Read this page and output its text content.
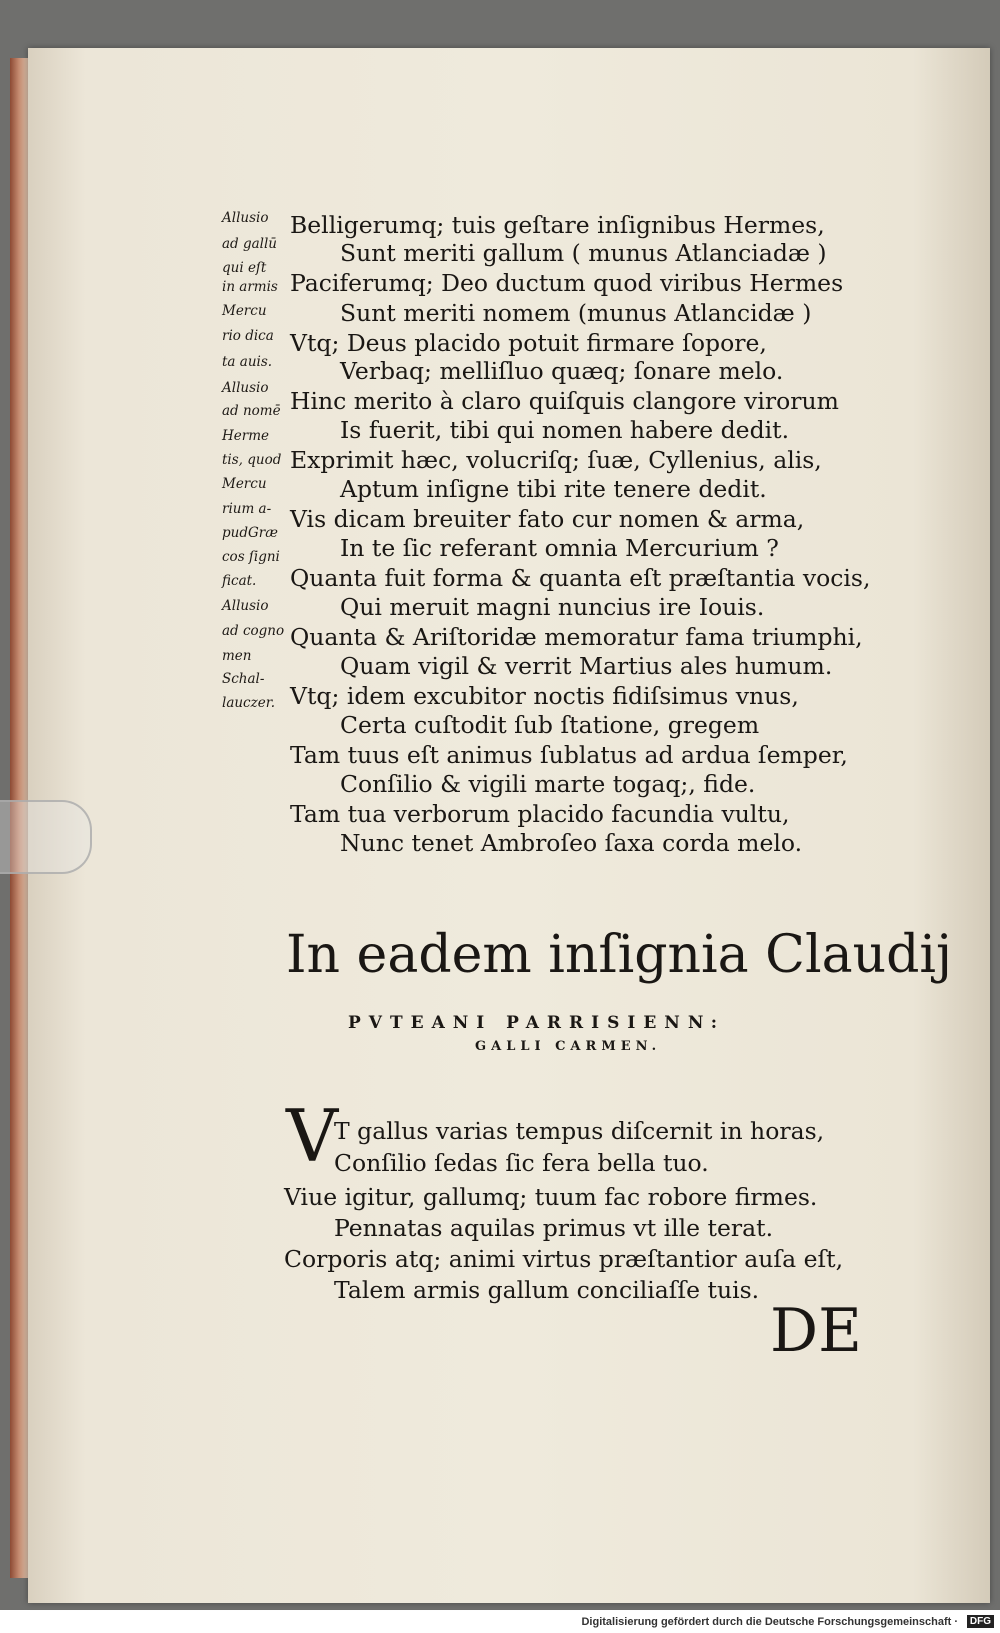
Allusio
ad gallū
qui eſt
in armis
Mercu
rio dica
ta auis.
Allusio
ad nomē
Herme
tis, quod
Mercu
rium a-
pudGræ
cos ſigni
ficat.
Allusio
ad cogno
men
Schal-
lauczer.
Belligerumq; tuis geſtare inſignibus Hermes,
Sunt meriti gallum ( munus Atlanciadæ )
Paciferumq; Deo ductum quod viribus Hermes
Sunt meriti nomem (munus Atlancidæ )
Vtq; Deus placido potuit firmare ſopore,
Verbaq; melliſluo quæq; ſonare melo.
Hinc merito à claro quiſquis clangore virorum
Is fuerit, tibi qui nomen habere dedit.
Exprimit hæc, volucriſq; ſuæ, Cyllenius, alis,
Aptum inſigne tibi rite tenere dedit.
Vis dicam breuiter fato cur nomen & arma,
In te ſic referant omnia Mercurium ?
Quanta fuit forma & quanta eſt præſtantia vocis,
Qui meruit magni nuncius ire Iouis.
Quanta & Ariſtoridæ memoratur fama triumphi,
Quam vigil & verrit Martius ales humum.
Vtq; idem excubitor noctis fidiſsimus vnus,
Certa cuſtodit ſub ſtatione, gregem
Tam tuus eſt animus ſublatus ad ardua ſemper,
Conſilio & vigili marte togaq;, fide.
Tam tua verborum placido facundia vultu,
Nunc tenet Ambroſeo ſaxa corda melo.
In eadem inſignia Claudij
PVTEANI PARRISIENN:
GALLI CARMEN.
V
T gallus varias tempus diſcernit in horas,
Conſilio ſedas ſic fera bella tuo.
Viue igitur, gallumq; tuum fac robore firmes.
Pennatas aquilas primus vt ille terat.
Corporis atq; animi virtus præſtantior auſa eſt,
Talem armis gallum conciliaſſe tuis.
DE
Digitalisierung gefördert durch die Deutsche Forschungsgemeinschaft ·	DFG
